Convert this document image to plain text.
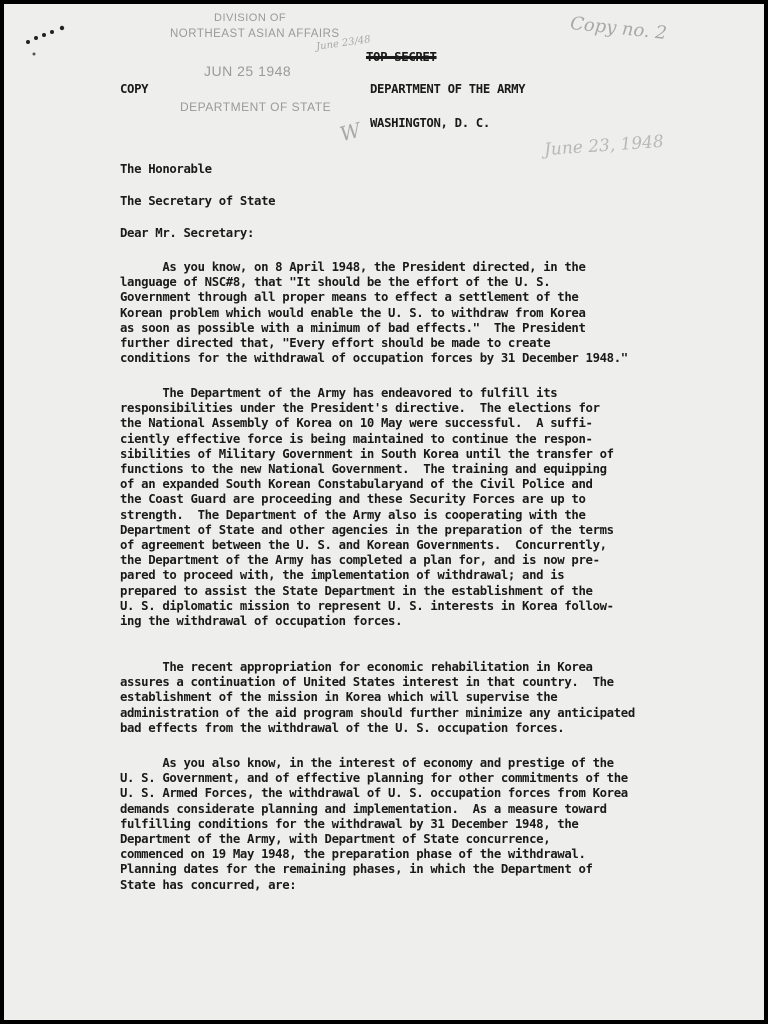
DIVISION OF
NORTHEAST ASIAN AFFAIRS
JUN 25 1948
DEPARTMENT OF STATE
Copy no. 2
June 23/48
June 23, 1948
W
COPY
TOP SECRET
DEPARTMENT OF THE ARMY
WASHINGTON, D. C.
The Honorable
The Secretary of State
Dear Mr. Secretary:

As you know, on 8 April 1948, the President directed, in the
language of NSC#8, that "It should be the effort of the U. S.
Government through all proper means to effect a settlement of the
Korean problem which would enable the U. S. to withdraw from Korea
as soon as possible with a minimum of bad effects."  The President
further directed that, "Every effort should be made to create
conditions for the withdrawal of occupation forces by 31 December 1948."

The Department of the Army has endeavored to fulfill its
responsibilities under the President's directive.  The elections for
the National Assembly of Korea on 10 May were successful.  A suffi-
ciently effective force is being maintained to continue the respon-
sibilities of Military Government in South Korea until the transfer of
functions to the new National Government.  The training and equipping
of an expanded South Korean Constabularyand of the Civil Police and
the Coast Guard are proceeding and these Security Forces are up to
strength.  The Department of the Army also is cooperating with the
Department of State and other agencies in the preparation of the terms
of agreement between the U. S. and Korean Governments.  Concurrently,
the Department of the Army has completed a plan for, and is now pre-
pared to proceed with, the implementation of withdrawal; and is
prepared to assist the State Department in the establishment of the
U. S. diplomatic mission to represent U. S. interests in Korea follow-
ing the withdrawal of occupation forces.

The recent appropriation for economic rehabilitation in Korea
assures a continuation of United States interest in that country.  The
establishment of the mission in Korea which will supervise the
administration of the aid program should further minimize any anticipated
bad effects from the withdrawal of the U. S. occupation forces.

As you also know, in the interest of economy and prestige of the
U. S. Government, and of effective planning for other commitments of the
U. S. Armed Forces, the withdrawal of U. S. occupation forces from Korea
demands considerate planning and implementation.  As a measure toward
fulfilling conditions for the withdrawal by 31 December 1948, the
Department of the Army, with Department of State concurrence,
commenced on 19 May 1948, the preparation phase of the withdrawal.
Planning dates for the remaining phases, in which the Department of
State has concurred, are:
